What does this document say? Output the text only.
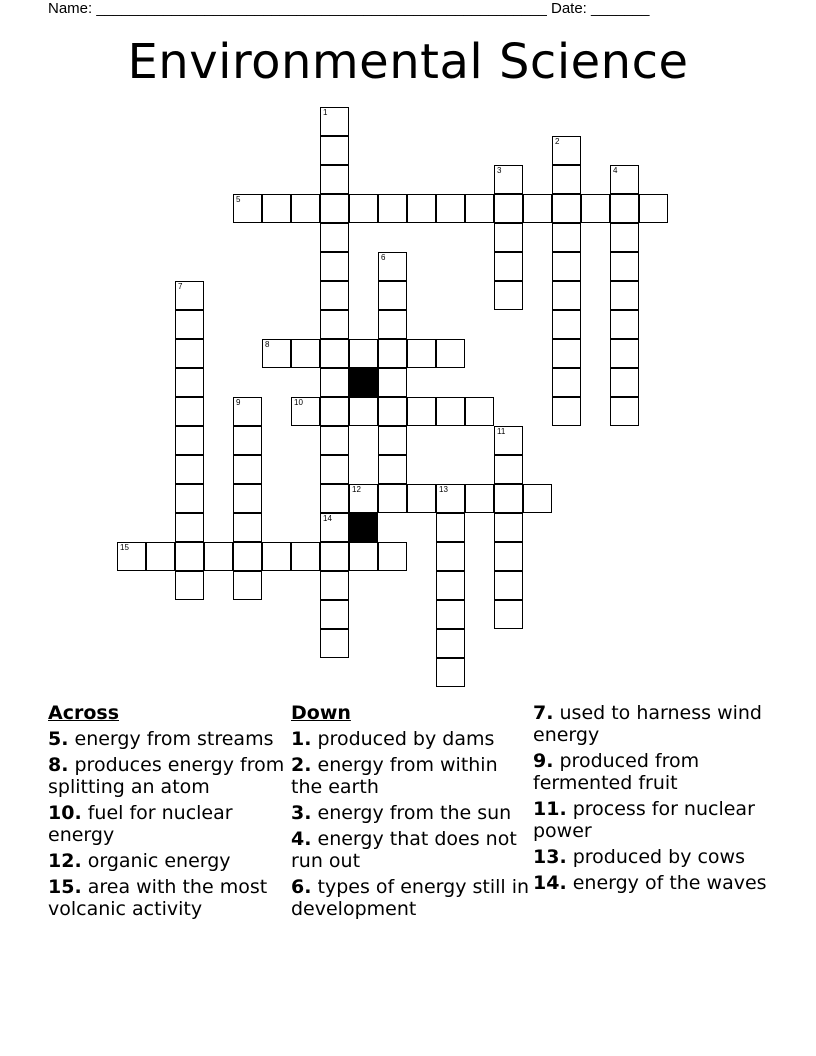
Name: ______________________________________________________ Date: _______
Environmental Science
1
2
3	4
5
6
7
8
9	10
11
12	13
14
15
Across
5. energy from streams
8. produces energy from splitting an atom
10. fuel for nuclear energy
12. organic energy
15. area with the most volcanic activity
Down
1. produced by dams
2. energy from within the earth
3. energy from the sun
4. energy that does not run out
6. types of energy still in development
7. used to harness wind energy
9. produced from fermented fruit
11. process for nuclear power
13. produced by cows
14. energy of the waves
